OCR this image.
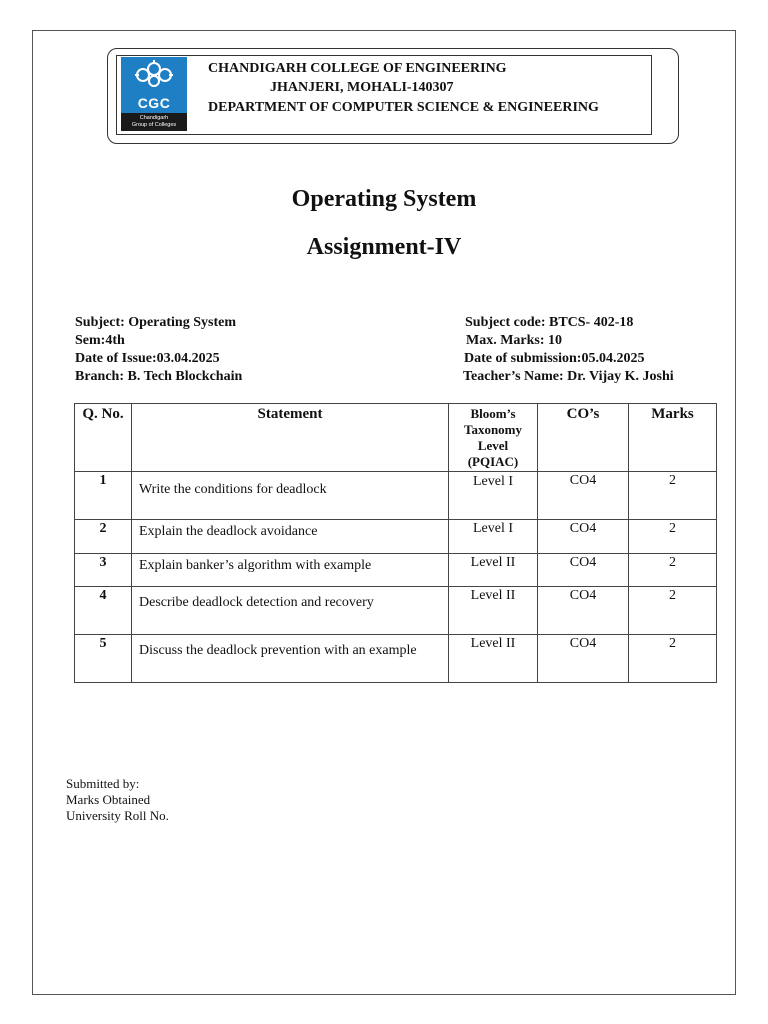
CGC
Chandigarh
Group of Colleges
CHANDIGARH COLLEGE OF ENGINEERING
JHANJERI, MOHALI-140307
DEPARTMENT OF COMPUTER SCIENCE & ENGINEERING
Operating System
Assignment-IV
Subject: Operating System	Subject code: BTCS- 402-18
Sem:4th	Max. Marks: 10
Date of Issue:03.04.2025	Date of submission:05.04.2025
Branch: B. Tech Blockchain	Teacher’s Name: Dr. Vijay K. Joshi
Q. No.	Statement	Bloom’s
Taxonomy
Level
(PQIAC)	CO’s	Marks
1	Write the conditions for deadlock	Level I	CO4	2
2	Explain the deadlock avoidance	Level I	CO4	2
3	Explain banker’s algorithm with example	Level II	CO4	2
4	Describe deadlock detection and recovery	Level II	CO4	2
5	Discuss the deadlock prevention with an example	Level II	CO4	2
Submitted by:
Marks Obtained
University Roll No.
